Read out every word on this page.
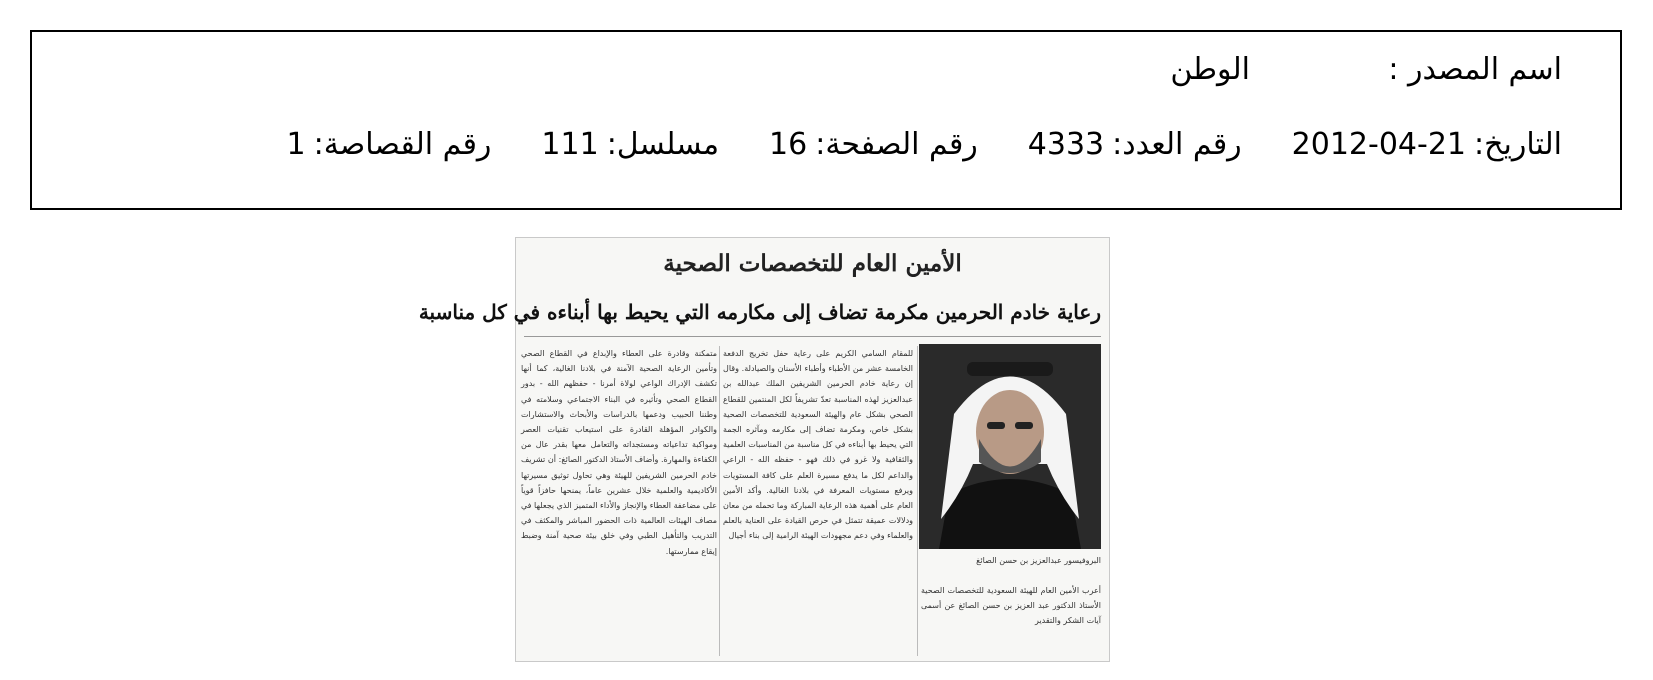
اسم المصدر :
الوطن
التاريخ:
2012-04-21
رقم العدد:
4333
رقم الصفحة:
16
مسلسل:
111
رقم القصاصة:
1
الأمين العام للتخصصات الصحية
رعاية خادم الحرمين مكرمة تضاف إلى مكارمه التي يحيط بها أبناءه في كل مناسبة
البروفيسور عبدالعزيز بن حسن الصائغ
أعرب الأمين العام للهيئة السعودية للتخصصات الصحية الأستاذ الدكتور عبد العزيز بن حسن الصائغ عن أسمى آيات الشكر والتقدير
للمقام السامي الكريم على رعاية حفل تخريج الدفعة الخامسة عشر من الأطباء وأطباء الأسنان والصيادلة. وقال إن رعاية خادم الحرمين الشريفين الملك عبدالله بن عبدالعزيز لهذه المناسبة تعدّ تشريفاً لكل المنتمين للقطاع الصحي بشكل عام والهيئة السعودية للتخصصات الصحية بشكل خاص، ومكرمة تضاف إلى مكارمه ومآثره الجمة التي يحيط بها أبناءه في كل مناسبة من المناسبات العلمية والثقافية ولا غرو في ذلك فهو - حفظه الله - الراعي والداعم لكل ما يدفع مسيرة العلم على كافة المستويات ويرفع مستويات المعرفة في بلادنا الغالية. وأكد الأمين العام على أهمية هذه الرعاية المباركة وما تحمله من معان ودلالات عميقة تتمثل في حرص القيادة على العناية بالعلم والعلماء وفي دعم مجهودات الهيئة الرامية إلى بناء أجيال
متمكنة وقادرة على العطاء والإبداع في القطاع الصحي وتأمين الرعاية الصحية الآمنة في بلادنا الغالية، كما أنها تكشف الإدراك الواعي لولاة أمرنا - حفظهم الله - بدور القطاع الصحي وتأثيره في البناء الاجتماعي وسلامته في وطننا الحبيب ودعمها بالدراسات والأبحاث والاستشارات والكوادر المؤهلة القادرة على استيعاب تقنيات العصر ومواكبة تداعياته ومستجداته والتعامل معها بقدر عال من الكفاءة والمهارة. وأضاف الأستاذ الدكتور الصائغ: أن تشريف خادم الحرمين الشريفين للهيئة وهي تحاول توثيق مسيرتها الأكاديمية والعلمية خلال عشرين عاماً، يمنحها حافزاً قوياً على مضاعفة العطاء والإنجاز والأداء المتميز الذي يجعلها في مصاف الهيئات العالمية ذات الحضور المباشر والمكثف في التدريب والتأهيل الطبي وفي خلق بيئة صحية آمنة وضبط إيقاع ممارستها.
